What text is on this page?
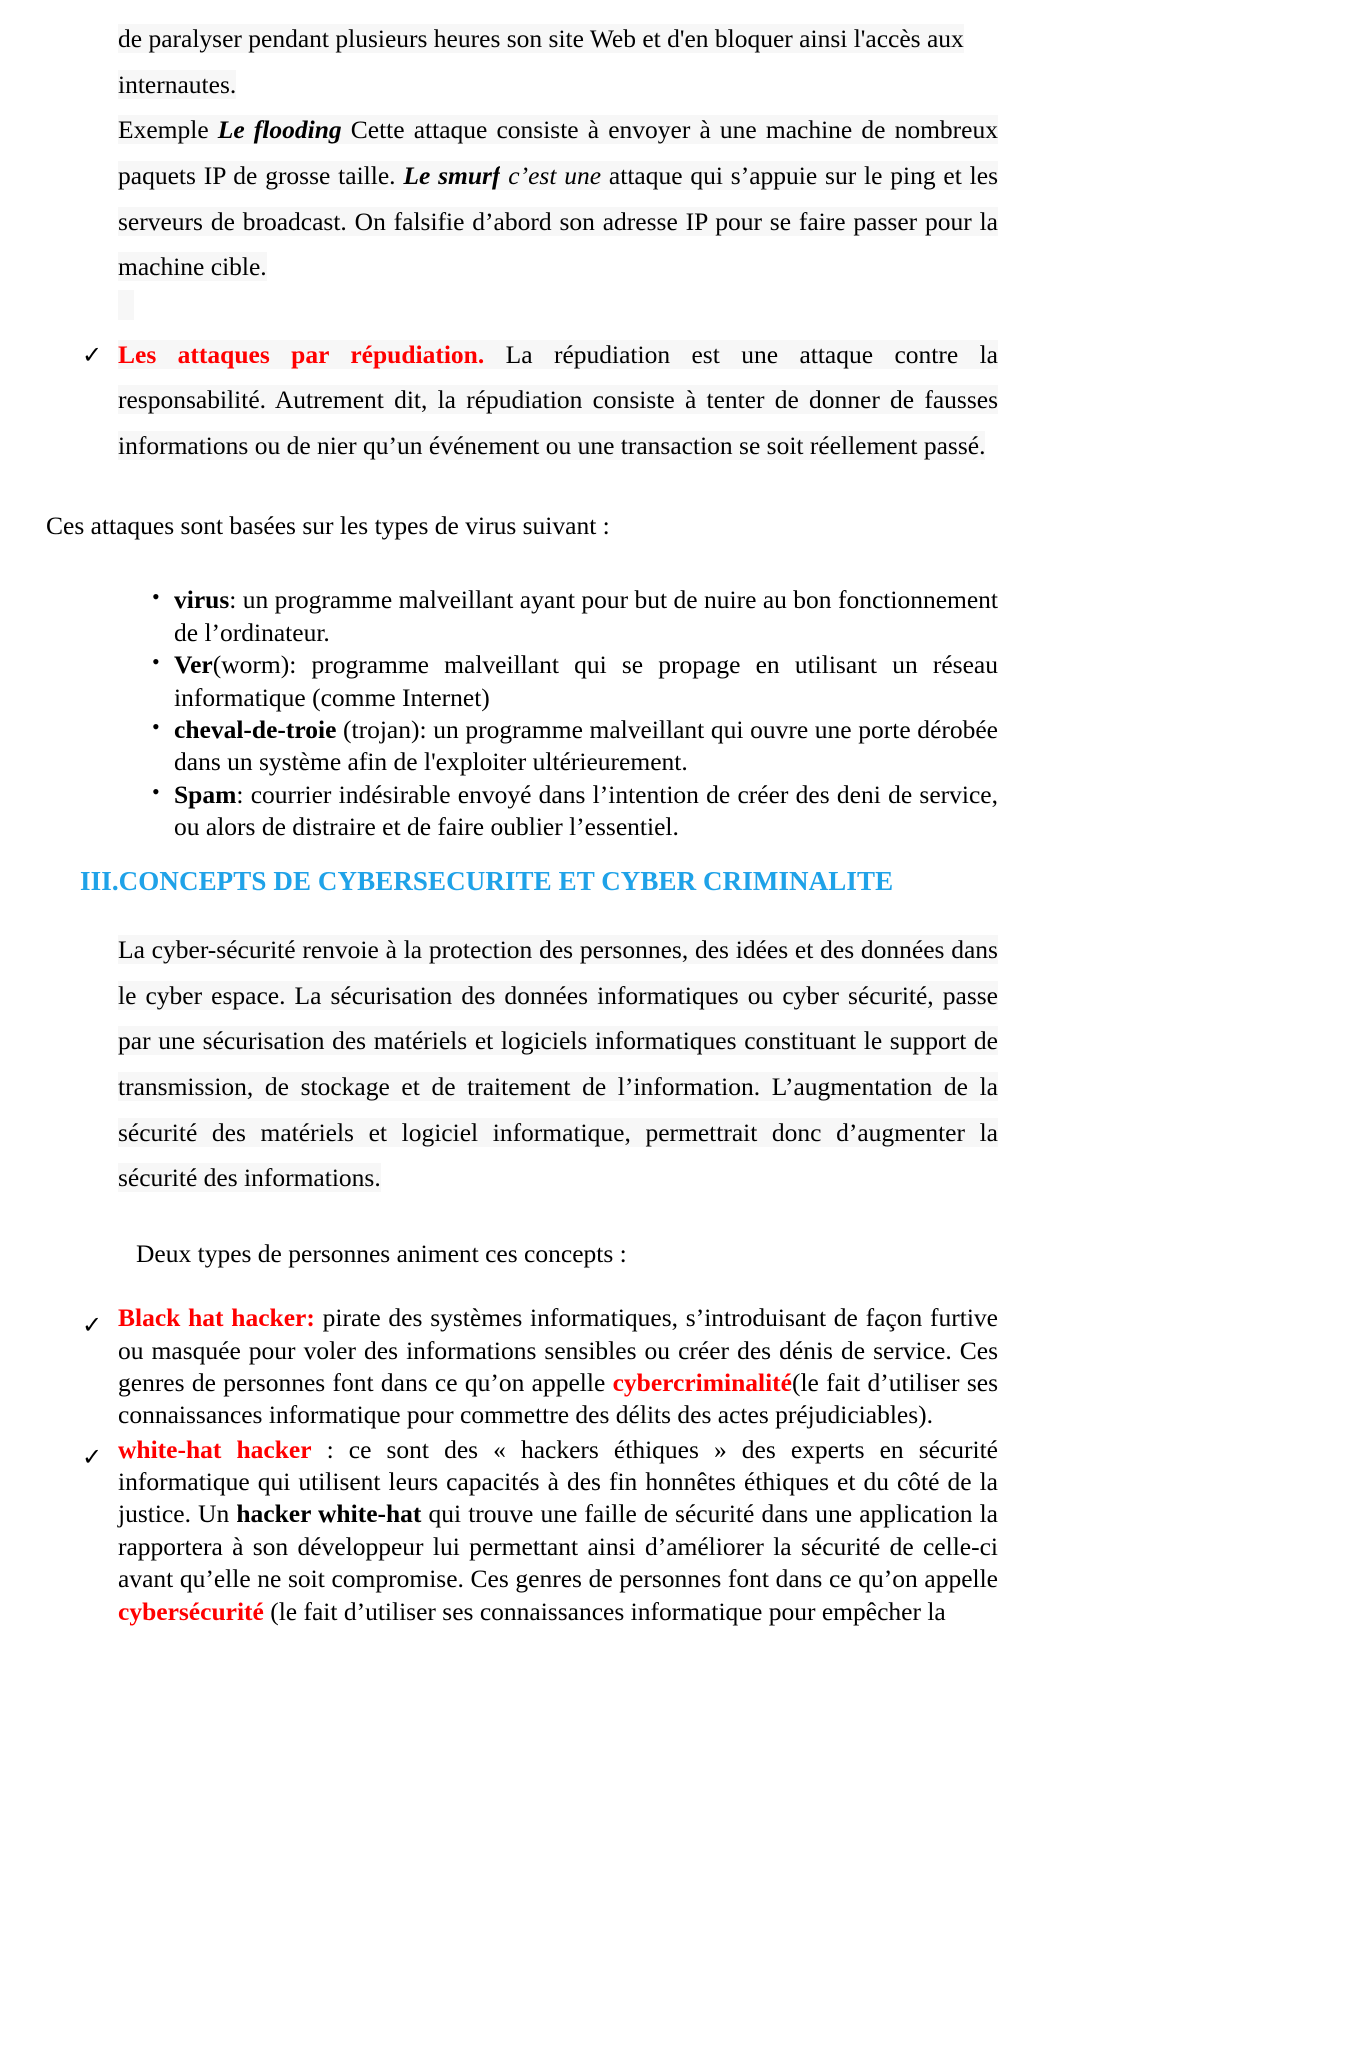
de paralyser pendant plusieurs heures son site Web et d'en bloquer ainsi l'accès aux

internautes.

Exemple Le flooding Cette attaque consiste à envoyer à une machine de nombreux paquets IP de grosse taille. Le smurf c’est une attaque qui s’appuie sur le ping et les serveurs de broadcast. On falsifie d’abord son adresse IP pour se faire passer pour la machine cible.

✓ Les attaques par répudiation. La répudiation est une attaque contre la responsabilité. Autrement dit, la répudiation consiste à tenter de donner de fausses informations ou de nier qu’un événement ou une transaction se soit réellement passé.

Ces attaques sont basées sur les types de virus suivant :

• virus: un programme malveillant ayant pour but de nuire au bon fonctionnement de l’ordinateur.
• Ver(worm): programme malveillant qui se propage en utilisant un réseau informatique (comme Internet)
• cheval-de-troie (trojan): un programme malveillant qui ouvre une porte dérobée dans un système afin de l'exploiter ultérieurement.
• Spam: courrier indésirable envoyé dans l’intention de créer des deni de service, ou alors de distraire et de faire oublier l’essentiel.
III.CONCEPTS DE CYBERSECURITE ET CYBER CRIMINALITE

La cyber-sécurité renvoie à la protection des personnes, des idées et des données dans le cyber espace. La sécurisation des données informatiques ou cyber sécurité, passe par une sécurisation des matériels et logiciels informatiques constituant le support de transmission, de stockage et de traitement de l’information. L’augmentation de la sécurité des matériels et logiciel informatique, permettrait donc d’augmenter la sécurité des informations.

Deux types de personnes animent ces concepts :

✓ Black hat hacker: pirate des systèmes informatiques, s’introduisant de façon furtive ou masquée pour voler des informations sensibles ou créer des dénis de service. Ces genres de personnes font dans ce qu’on appelle cybercriminalité(le fait d’utiliser ses connaissances informatique pour commettre des délits des actes préjudiciables).
✓ white-hat hacker : ce sont des « hackers éthiques » des experts en sécurité informatique qui utilisent leurs capacités à des fin honnêtes éthiques et du côté de la justice. Un hacker white-hat qui trouve une faille de sécurité dans une application la rapportera à son développeur lui permettant ainsi d’améliorer la sécurité de celle-ci avant qu’elle ne soit compromise. Ces genres de personnes font dans ce qu’on appelle cybersécurité (le fait d’utiliser ses connaissances informatique pour empêcher la
